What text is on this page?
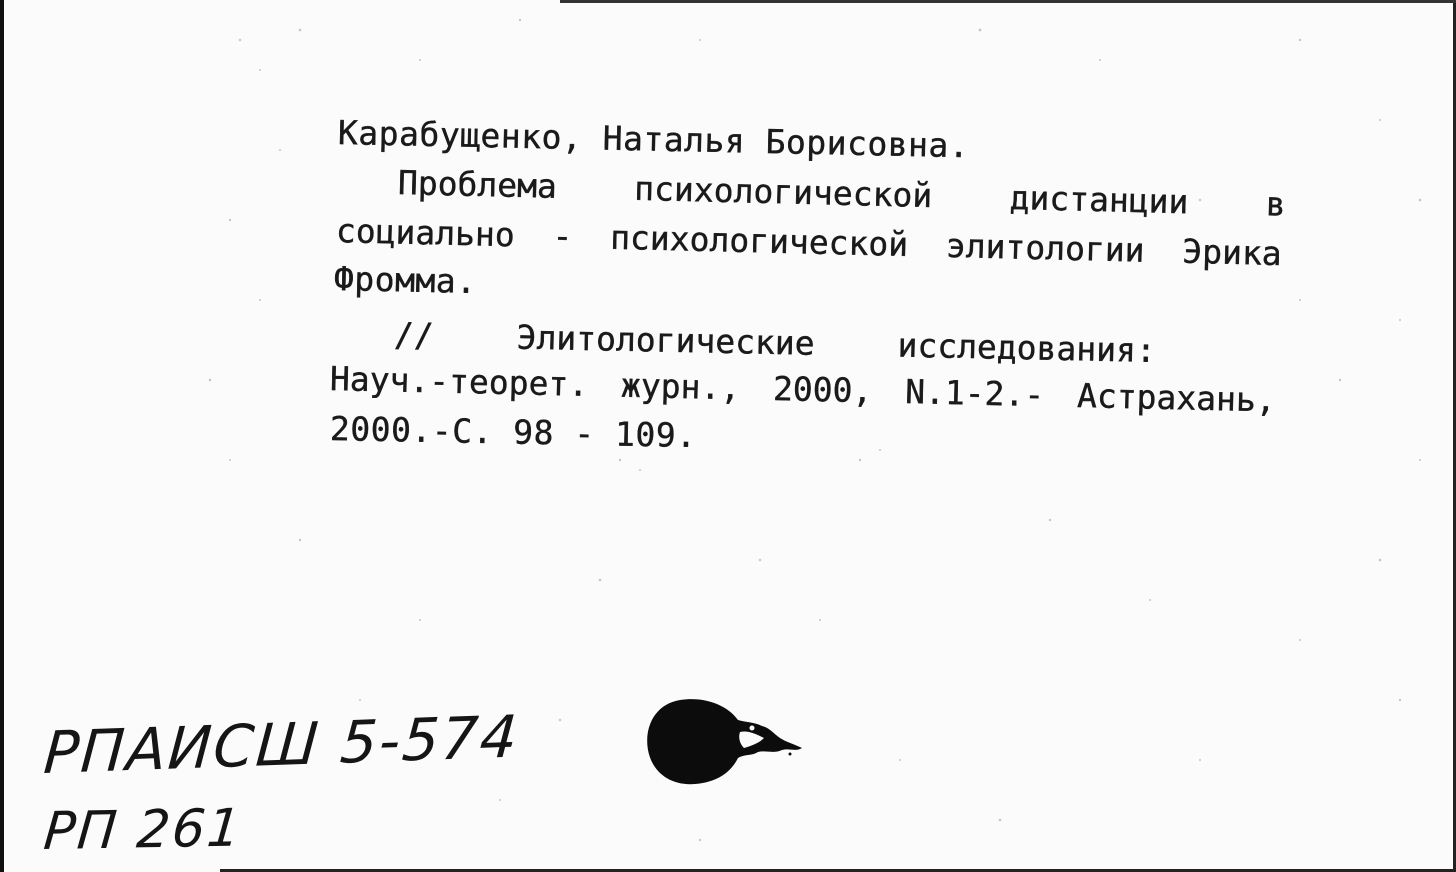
Карабущенко, Наталья Борисовна.
Проблема психологической дистанции в
социально - психологической элитологии Эрика
Фромма.
// Элитологические исследования:
Науч.-теорет. журн., 2000, N.1-2.- Астрахань,
2000.-С. 98 - 109.
РПАИСШ 5-574
РП 261
